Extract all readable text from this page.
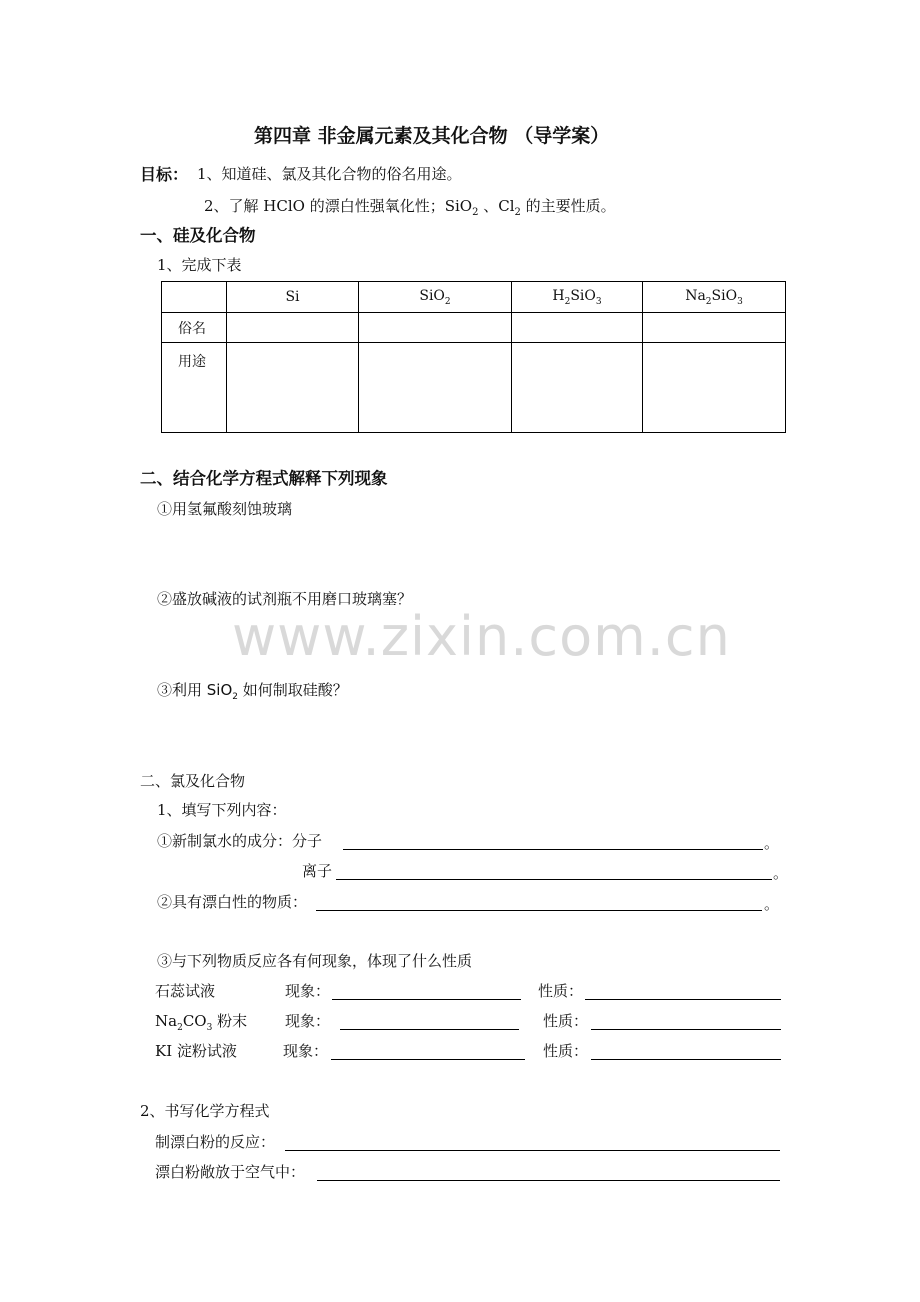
第四章 非金属元素及其化合物 （导学案）
目标： 1、知道硅、氯及其化合物的俗名用途。
2、了解 HClO 的漂白性强氧化性；SiO$_2$ 、$Cl_2$ 的主要性质。
一、硅及化合物
1、完成下表
	Si	SiO$_2$	$H_2SiO_3$	$Na_2SiO_3$
俗名				
用途				
二、结合化学方程式解释下列现象
①用氢氟酸刻蚀玻璃
②盛放碱液的试剂瓶不用磨口玻璃塞？
www.zixin.com.cn
③利用 SiO$_2$ 如何制取硅酸？
二、氯及化合物
1、填写下列内容：
①新制氯水的成分：分子	。
离子	。
②具有漂白性的物质：	。
③与下列物质反应各有何现象，体现了什么性质
石蕊试液	现象：	性质：
$Na_2CO_3$ 粉末	现象：	性质：
KI 淀粉试液	现象：	性质：
2、书写化学方程式
制漂白粉的反应：
漂白粉敞放于空气中：
